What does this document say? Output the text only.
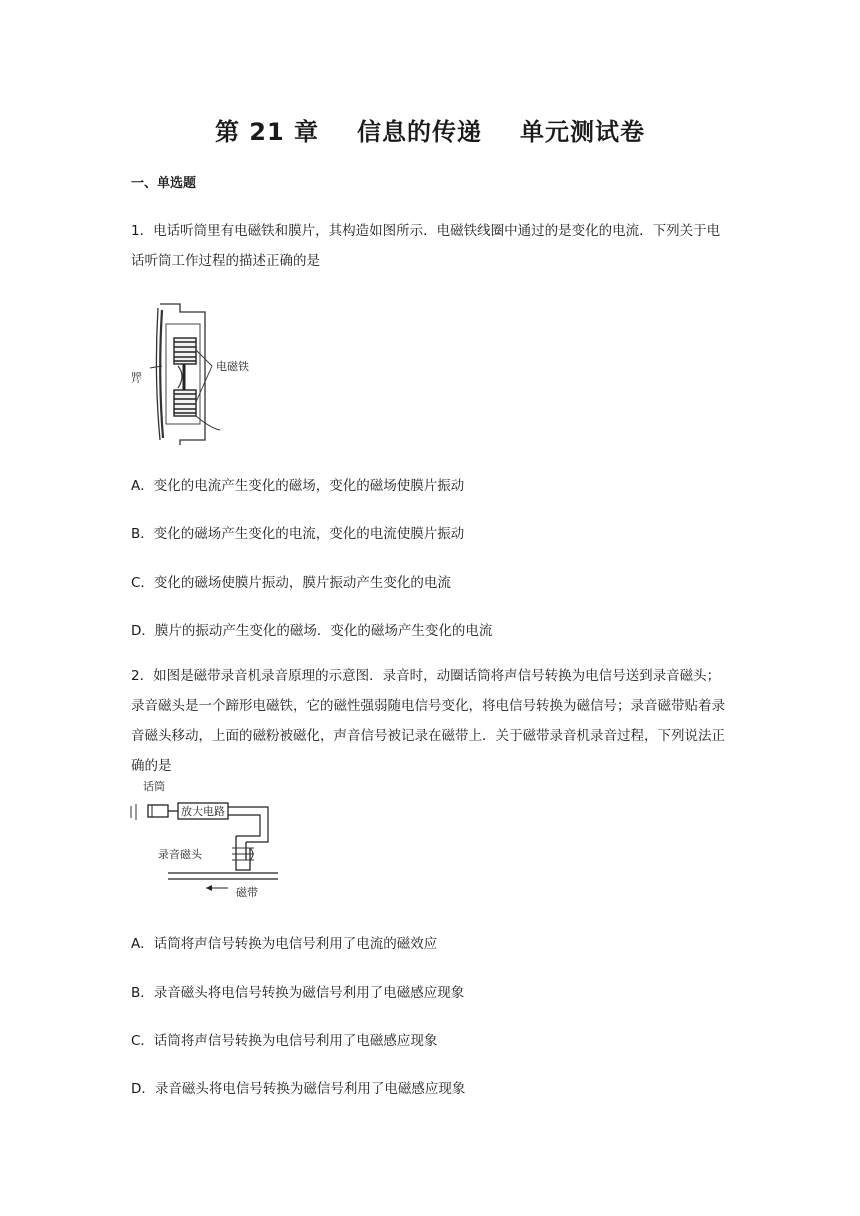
第 21 章 信息的传递 单元测试卷
一、单选题
1．电话听筒里有电磁铁和膜片，其构造如图所示．电磁铁线圈中通过的是变化的电流．下列关于电话听筒工作过程的描述正确的是
膜片
电磁铁
A．变化的电流产生变化的磁场，变化的磁场使膜片振动
B．变化的磁场产生变化的电流，变化的电流使膜片振动
C．变化的磁场使膜片振动，膜片振动产生变化的电流
D．膜片的振动产生变化的磁场．变化的磁场产生变化的电流
2．如图是磁带录音机录音原理的示意图．录音时，动圈话筒将声信号转换为电信号送到录音磁头；录音磁头是一个蹄形电磁铁，它的磁性强弱随电信号变化，将电信号转换为磁信号；录音磁带贴着录音磁头移动，上面的磁粉被磁化，声音信号被记录在磁带上．关于磁带录音机录音过程，下列说法正确的是
话筒
放大电路
录音磁头
磁带
A．话筒将声信号转换为电信号利用了电流的磁效应
B．录音磁头将电信号转换为磁信号利用了电磁感应现象
C．话筒将声信号转换为电信号利用了电磁感应现象
D．录音磁头将电信号转换为磁信号利用了电磁感应现象
